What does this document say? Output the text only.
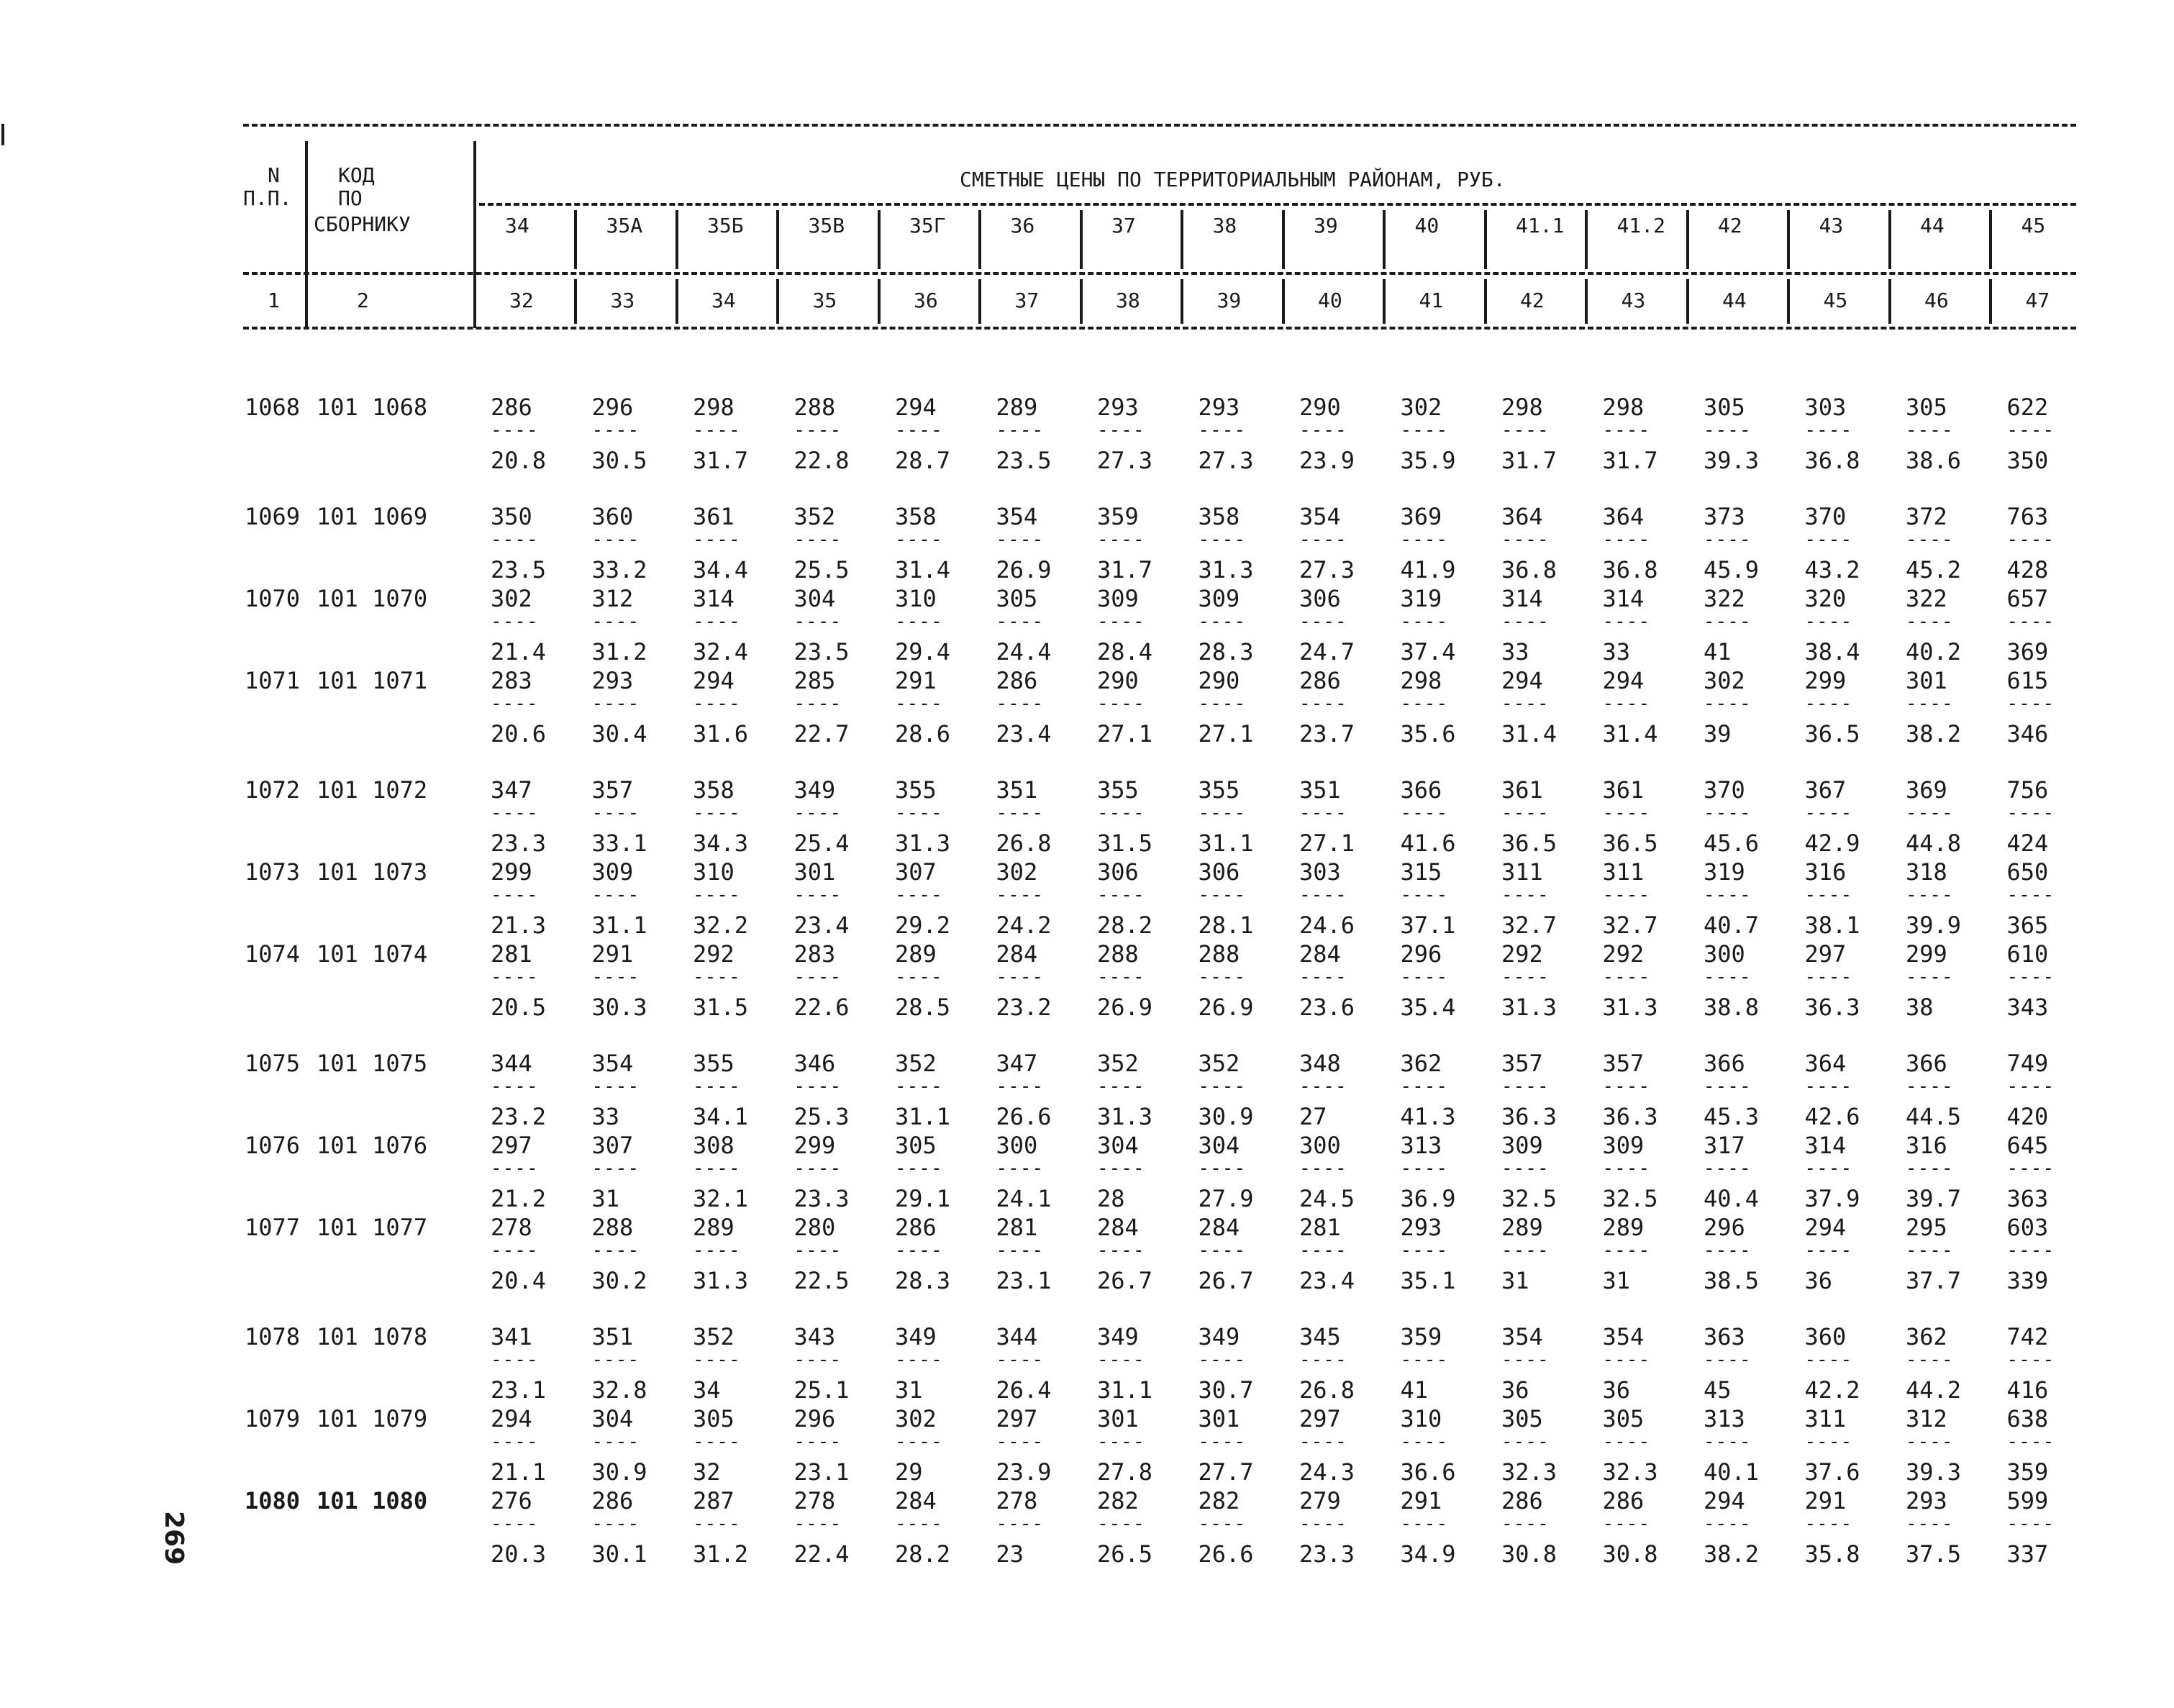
N
П.П.
КОД
ПО
СБОРНИКУ
СМЕТНЫЕ ЦЕНЫ ПО ТЕРРИТОРИАЛЬНЫМ РАЙОНАМ, РУБ.
34	35А	35Б	35В	35Г	36	37	38	39	40	41.1	41.2	42	43	44	45
1	2	32	33	34	35	36	37	38	39	40	41	42	43	44	45	46	47
1068 101 1068	286	296	298	288	294	289	293	293	290	302	298	298	305	303	305	622
----	----	----	----	----	----	----	----	----	----	----	----	----	----	----	----
20.8 30.5 31.7 22.8 28.7 23.5 27.3 27.3 23.9 35.9 31.7 31.7 39.3 36.8 38.6 350
1069 101 1069	350	360	361	352	358	354	359	358	354	369	364	364	373	370	372	763
----	----	----	----	----	----	----	----	----	----	----	----	----	----	----	----
23.5 33.2 34.4 25.5 31.4 26.9 31.7 31.3 27.3 41.9 36.8 36.8 45.9 43.2 45.2 428
1070 101 1070	302	312	314	304	310	305	309	309	306	319	314	314	322	320	322	657
----	----	----	----	----	----	----	----	----	----	----	----	----	----	----	----
21.4 31.2 32.4 23.5 29.4 24.4 28.4 28.3 24.7 37.4 33	33	41	38.4 40.2 369
1071 101 1071	283	293	294	285	291	286	290	290	286	298	294	294	302	299	301	615
----	----	----	----	----	----	----	----	----	----	----	----	----	----	----	----
20.6 30.4 31.6 22.7 28.6 23.4 27.1 27.1 23.7 35.6 31.4 31.4 39	36.5 38.2 346
1072 101 1072	347	357	358	349	355	351	355	355	351	366	361	361	370	367	369	756
----	----	----	----	----	----	----	----	----	----	----	----	----	----	----	----
23.3 33.1 34.3 25.4 31.3 26.8 31.5 31.1 27.1 41.6 36.5 36.5 45.6 42.9 44.8 424
1073 101 1073	299	309	310	301	307	302	306	306	303	315	311	311	319	316	318	650
----	----	----	----	----	----	----	----	----	----	----	----	----	----	----	----
21.3 31.1 32.2 23.4 29.2 24.2 28.2 28.1 24.6 37.1 32.7 32.7 40.7 38.1 39.9 365
1074 101 1074	281	291	292	283	289	284	288	288	284	296	292	292	300	297	299	610
----	----	----	----	----	----	----	----	----	----	----	----	----	----	----	----
20.5 30.3 31.5 22.6 28.5 23.2 26.9 26.9 23.6 35.4 31.3 31.3 38.8 36.3 38	343
1075 101 1075	344	354	355	346	352	347	352	352	348	362	357	357	366	364	366	749
----	----	----	----	----	----	----	----	----	----	----	----	----	----	----	----
23.2 33	34.1 25.3 31.1 26.6 31.3 30.9 27	41.3 36.3 36.3 45.3 42.6 44.5 420
1076 101 1076	297	307	308	299	305	300	304	304	300	313	309	309	317	314	316	645
----	----	----	----	----	----	----	----	----	----	----	----	----	----	----	----
21.2 31	32.1 23.3 29.1 24.1 28	27.9 24.5 36.9 32.5 32.5 40.4 37.9 39.7 363
1077 101 1077	278	288	289	280	286	281	284	284	281	293	289	289	296	294	295	603
----	----	----	----	----	----	----	----	----	----	----	----	----	----	----	----
20.4 30.2 31.3 22.5 28.3 23.1 26.7 26.7 23.4 35.1 31	31	38.5 36	37.7 339
1078 101 1078	341	351	352	343	349	344	349	349	345	359	354	354	363	360	362	742
----	----	----	----	----	----	----	----	----	----	----	----	----	----	----	----
23.1 32.8 34	25.1 31	26.4 31.1 30.7 26.8 41	36	36	45	42.2 44.2 416
1079 101 1079	294	304	305	296	302	297	301	301	297	310	305	305	313	311	312	638
----	----	----	----	----	----	----	----	----	----	----	----	----	----	----	----
21.1 30.9 32	23.1 29	23.9 27.8 27.7 24.3 36.6 32.3 32.3 40.1 37.6 39.3 359
1080 101 1080	276	286	287	278	284	278	282	282	279	291	286	286	294	291	293	599
----	----	----	----	----	----	----	----	----	----	----	----	----	----	----	----
20.3 30.1 31.2 22.4 28.2 23	26.5 26.6 23.3 34.9 30.8 30.8 38.2 35.8 37.5 337
269
